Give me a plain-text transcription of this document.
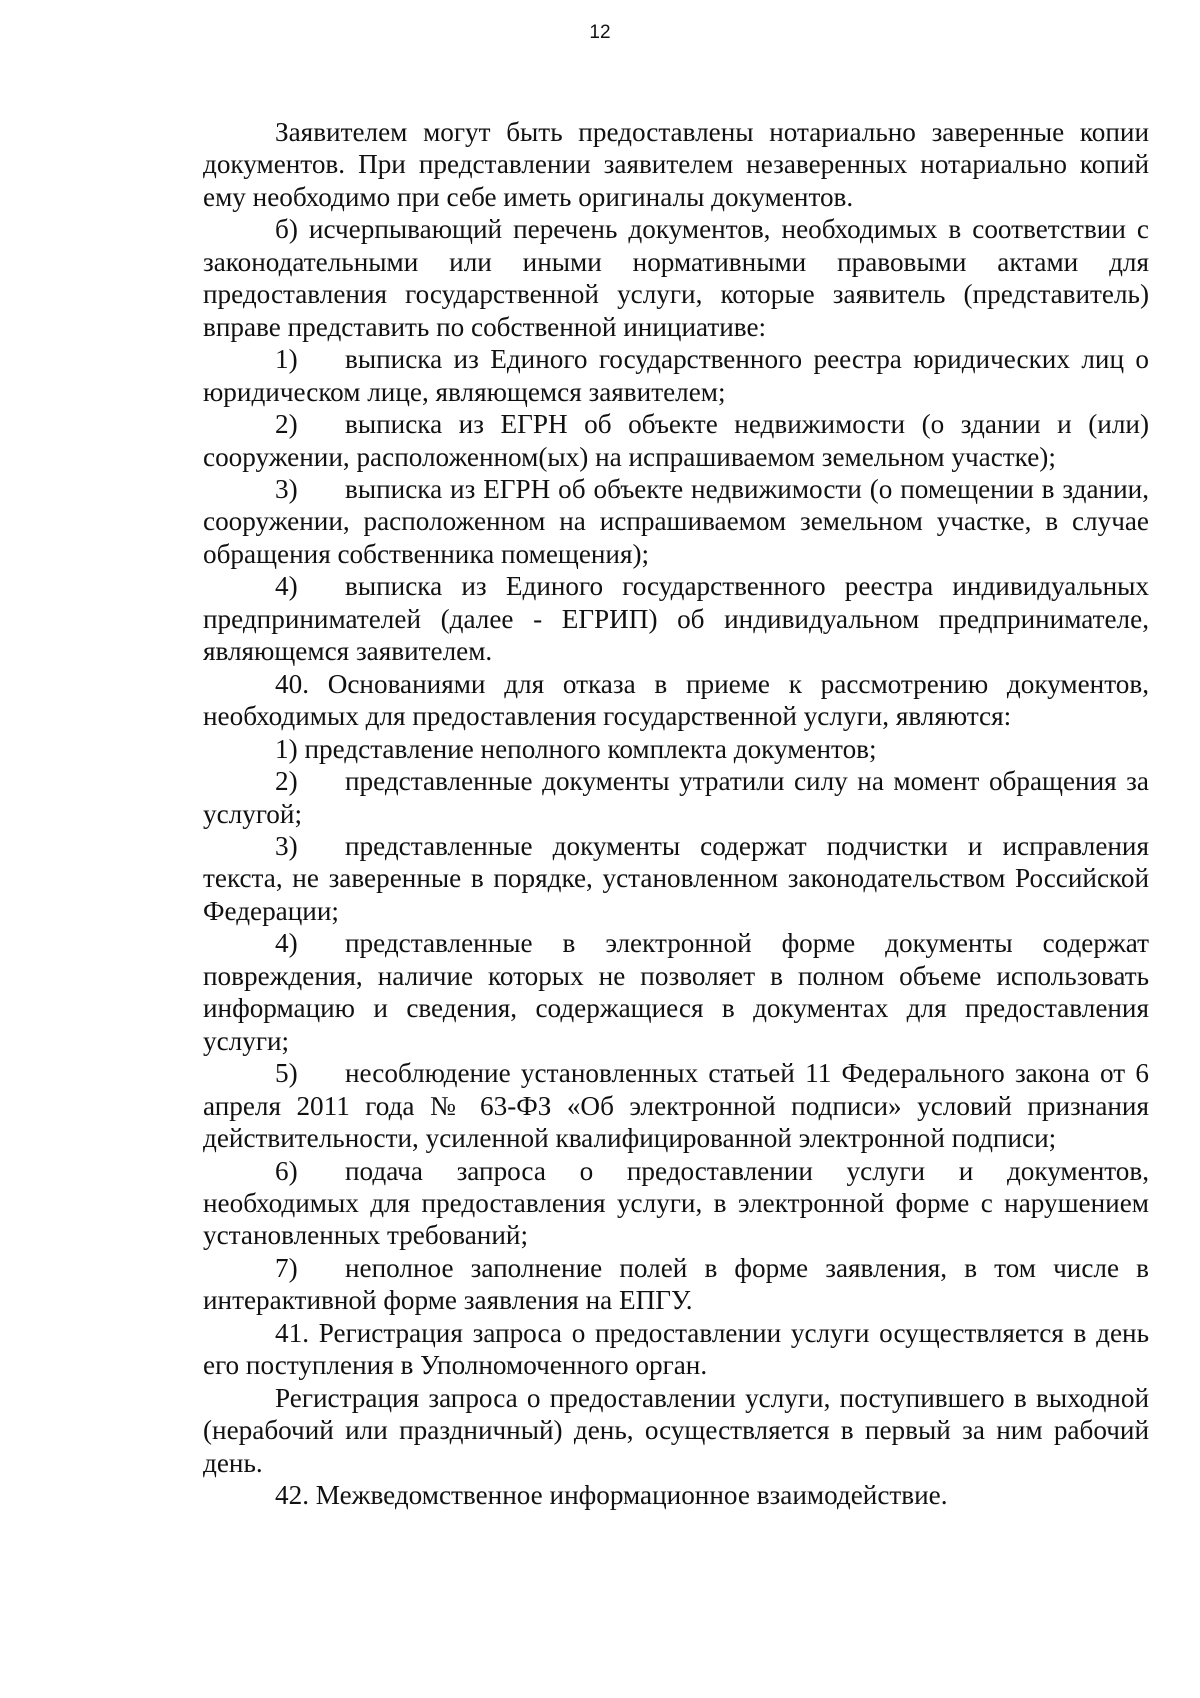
12

Заявителем могут быть предоставлены нотариально заверенные копии документов. При представлении заявителем незаверенных нотариально копий ему необходимо при себе иметь оригиналы документов.

б) исчерпывающий перечень документов, необходимых в соответствии с законодательными или иными нормативными правовыми актами для предоставления государственной услуги, которые заявитель (представитель) вправе представить по собственной инициативе:

1) выписка из Единого государственного реестра юридических лиц о юридическом лице, являющемся заявителем;

2) выписка из ЕГРН об объекте недвижимости (о здании и (или) сооружении, расположенном(ых) на испрашиваемом земельном участке);

3) выписка из ЕГРН об объекте недвижимости (о помещении в здании, сооружении, расположенном на испрашиваемом земельном участке, в случае обращения собственника помещения);

4) выписка из Единого государственного реестра индивидуальных предпринимателей (далее - ЕГРИП) об индивидуальном предпринимателе, являющемся заявителем.

40. Основаниями для отказа в приеме к рассмотрению документов, необходимых для предоставления государственной услуги, являются:

1) представление неполного комплекта документов;

2) представленные документы утратили силу на момент обращения за услугой;

3) представленные документы содержат подчистки и исправления текста, не заверенные в порядке, установленном законодательством Российской Федерации;

4) представленные в электронной форме документы содержат повреждения, наличие которых не позволяет в полном объеме использовать информацию и сведения, содержащиеся в документах для предоставления услуги;

5) несоблюдение установленных статьей 11 Федерального закона от 6 апреля 2011 года № 63-ФЗ «Об электронной подписи» условий признания действительности, усиленной квалифицированной электронной подписи;

6) подача запроса о предоставлении услуги и документов, необходимых для предоставления услуги, в электронной форме с нарушением установленных требований;

7) неполное заполнение полей в форме заявления, в том числе в интерактивной форме заявления на ЕПГУ.

41. Регистрация запроса о предоставлении услуги осуществляется в день его поступления в Уполномоченного орган.

Регистрация запроса о предоставлении услуги, поступившего в выходной (нерабочий или праздничный) день, осуществляется в первый за ним рабочий день.

42. Межведомственное информационное взаимодействие.
